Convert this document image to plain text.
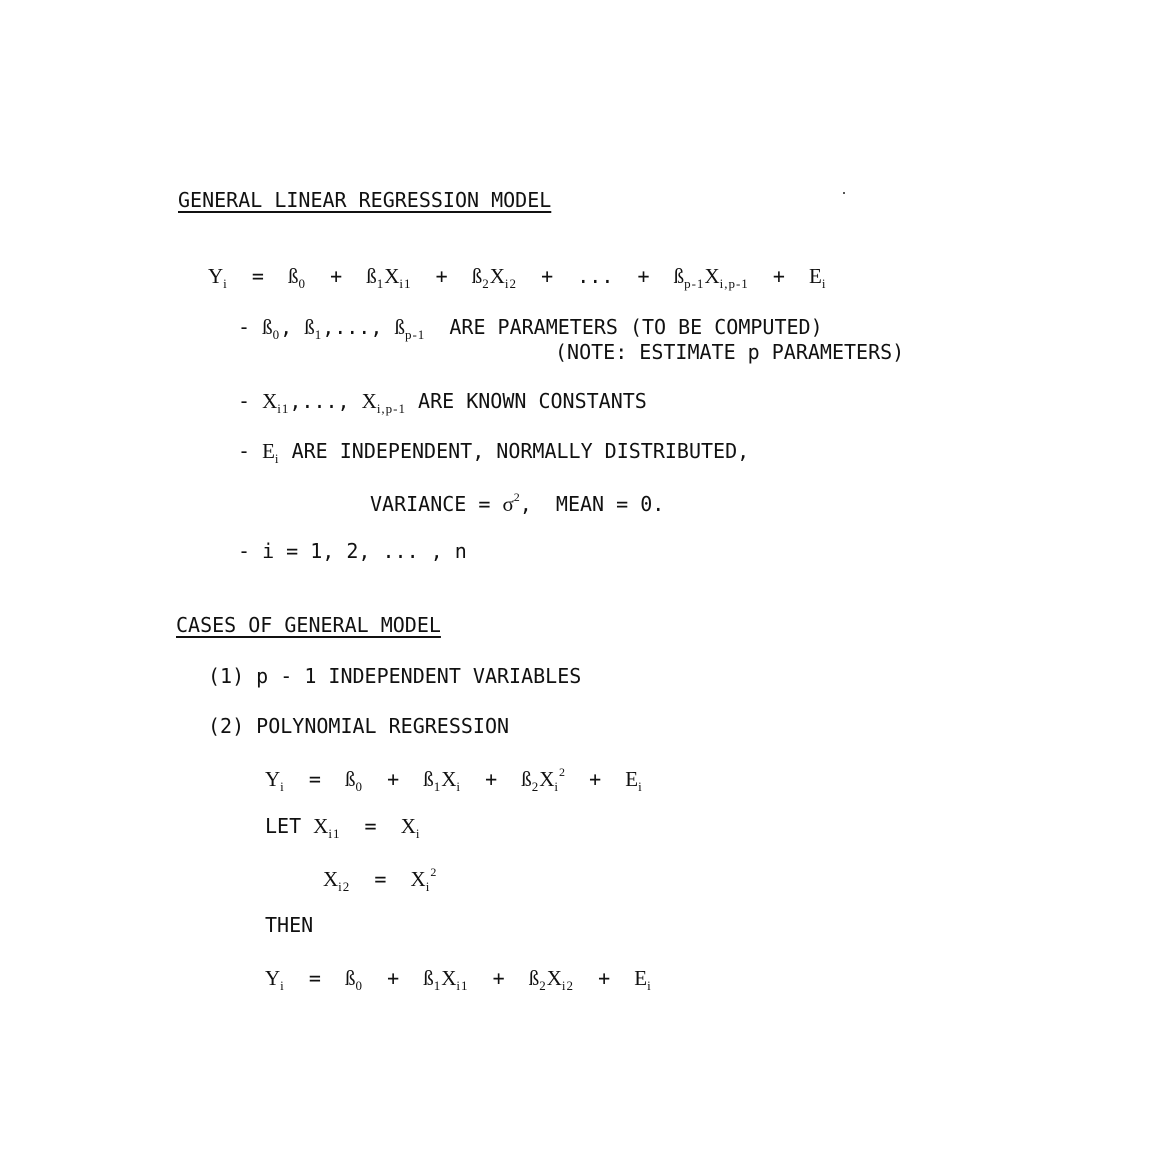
GENERAL LINEAR REGRESSION MODEL
Yi  =  ß0  +  ß1Xi1  +  ß2Xi2  +  ...  +  ßp-1Xi,p-1  +  Ei
- ß0, ß1,..., ßp-1  ARE PARAMETERS (TO BE COMPUTED)
(NOTE: ESTIMATE p PARAMETERS)
- Xi1,..., Xi,p-1 ARE KNOWN CONSTANTS
- Ei ARE INDEPENDENT, NORMALLY DISTRIBUTED,
VARIANCE = σ2,  MEAN = 0.
- i = 1, 2, ... , n
CASES OF GENERAL MODEL
(1) p - 1 INDEPENDENT VARIABLES
(2) POLYNOMIAL REGRESSION
Yi  =  ß0  +  ß1Xi  +  ß2Xi2  +  Ei
LET Xi1  =  Xi
Xi2  =  Xi2
THEN
Yi  =  ß0  +  ß1Xi1  +  ß2Xi2  +  Ei
